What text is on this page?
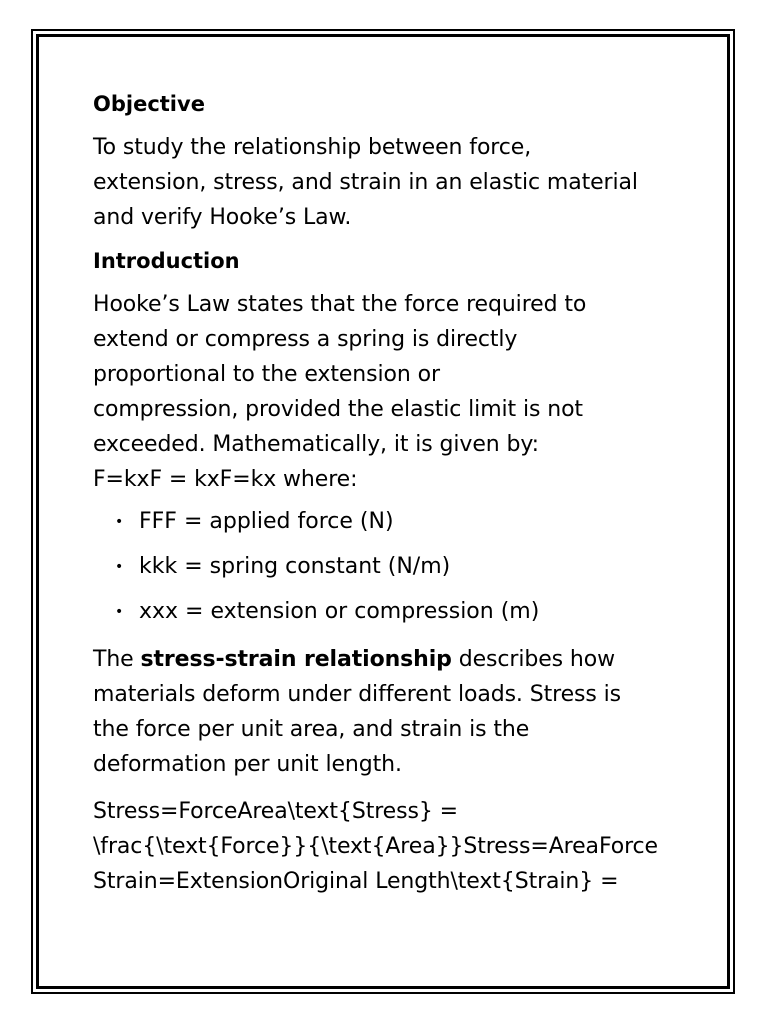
Objective

To study the relationship between force,

extension, stress, and strain in an elastic material

and verify Hooke’s Law.

Introduction

Hooke’s Law states that the force required to

extend or compress a spring is directly

proportional to the extension or

compression, provided the elastic limit is not

exceeded. Mathematically, it is given by:

F=kxF = kxF=kx where:

• FFF = applied force (N)
• kkk = spring constant (N/m)
• xxx = extension or compression (m)

The stress-strain relationship describes how

materials deform under different loads. Stress is

the force per unit area, and strain is the

deformation per unit length.

Stress=ForceArea\text{Stress} =

\frac{\text{Force}}{\text{Area}}Stress=AreaForce

Strain=ExtensionOriginal Length\text{Strain} =
